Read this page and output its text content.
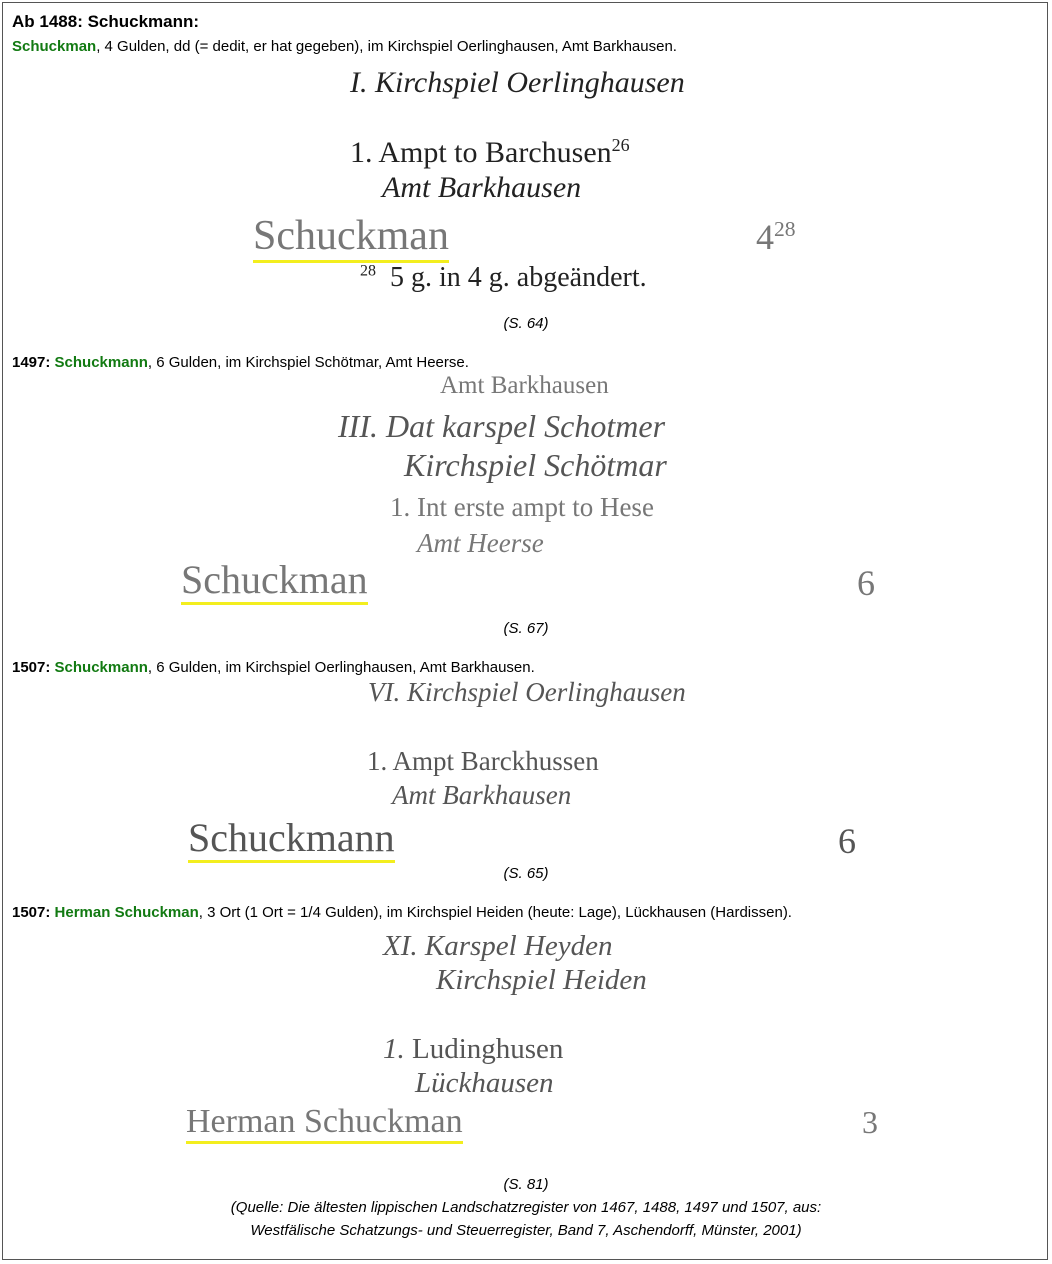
Ab 1488: Schuckmann:
Schuckman, 4 Gulden, dd (= dedit, er hat gegeben), im Kirchspiel Oerlinghausen, Amt Barkhausen.
I. Kirchspiel Oerlinghausen
1. Ampt to Barchusen$^{26}$
Amt Barkhausen
Schuckman	$4^{28}$
$^{28}$ 5 g. in 4 g. abgeändert.
(S. 64)
1497: Schuckmann, 6 Gulden, im Kirchspiel Schötmar, Amt Heerse.
Amt Barkhausen
III. Dat karspel Schotmer
Kirchspiel Schötmar
1. Int erste ampt to Hese
Amt Heerse
Schuckman	6
(S. 67)
1507: Schuckmann, 6 Gulden, im Kirchspiel Oerlinghausen, Amt Barkhausen.
VI. Kirchspiel Oerlinghausen
1. Ampt Barckhussen
Amt Barkhausen
Schuckmann	6
(S. 65)
1507: Herman Schuckman, 3 Ort (1 Ort = 1/4 Gulden), im Kirchspiel Heiden (heute: Lage), Lückhausen (Hardissen).
XI. Karspel Heyden
Kirchspiel Heiden
1. Ludinghusen
Lückhausen
Herman Schuckman	3
(S. 81)
(Quelle: Die ältesten lippischen Landschatzregister von 1467, 1488, 1497 und 1507, aus:
Westfälische Schatzungs- und Steuerregister, Band 7, Aschendorff, Münster, 2001)
